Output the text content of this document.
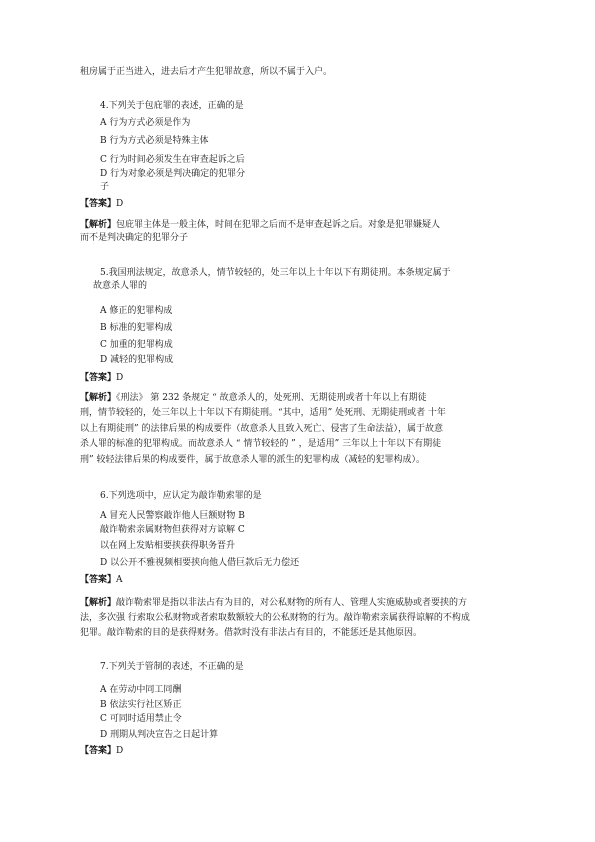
租房属于正当进入，进去后才产生犯罪故意，所以不属于入户。
4.下列关于包庇罪的表述，正确的是
A 行为方式必须是作为
B 行为方式必须是特殊主体
C 行为时间必须发生在审查起诉之后
D 行为对象必须是判决确定的犯罪分
子
【答案】D
【解析】包庇罪主体是一般主体，时间在犯罪之后而不是审查起诉之后。对象是犯罪嫌疑人
而不是判决确定的犯罪分子
5.我国刑法规定，故意杀人，情节较轻的，处三年以上十年以下有期徒刑。本条规定属于
故意杀人罪的
A 修正的犯罪构成
B 标准的犯罪构成
C 加重的犯罪构成
D 减轻的犯罪构成
【答案】D
【解析】《刑法》 第 232 条规定 “ 故意杀人的，处死刑、无期徒刑或者十年以上有期徒
刑，情节较轻的，处三年以上十年以下有期徒刑。“其中，适用” 处死刑、无期徒刑或者 十年
以上有期徒刑” 的法律后果的构成要件（故意杀人且致入死亡、侵害了生命法益），属于故意
杀人罪的标准的犯罪构成。而故意杀人 “ 情节较轻的 ” ，是适用” 三年以上十年以下有期徒
刑” 较轻法律后果的构成要件，属于故意杀人罪的派生的犯罪构成（减轻的犯罪构成）。
6.下列选项中，应认定为敲诈勒索罪的是
A 冒充人民警察敲诈他人巨额财物 B
敲诈勒索亲属财物但获得对方谅解 C
以在网上发贴相要挟获得职务晋升
D 以公开不雅视频相要挟向他人借巨款后无力偿还
【答案】A
【解析】敲诈勒索罪是指以非法占有为目的，对公私财物的所有人、管理人实施威胁或者要挟的方
法，多次强 行索取公私财物或者索取数额较大的公私财物的行为。敲诈勒索亲属获得谅解的不构成
犯罪。敲诈勒索的目的是获得财务。借款时没有非法占有目的，不能惩还是其他原因。
7.下列关于管制的表述，不正确的是
A 在劳动中同工同酬
B 依法实行社区矫正
C 可同时适用禁止令
D 刑期从判决宣告之日起计算
【答案】D
